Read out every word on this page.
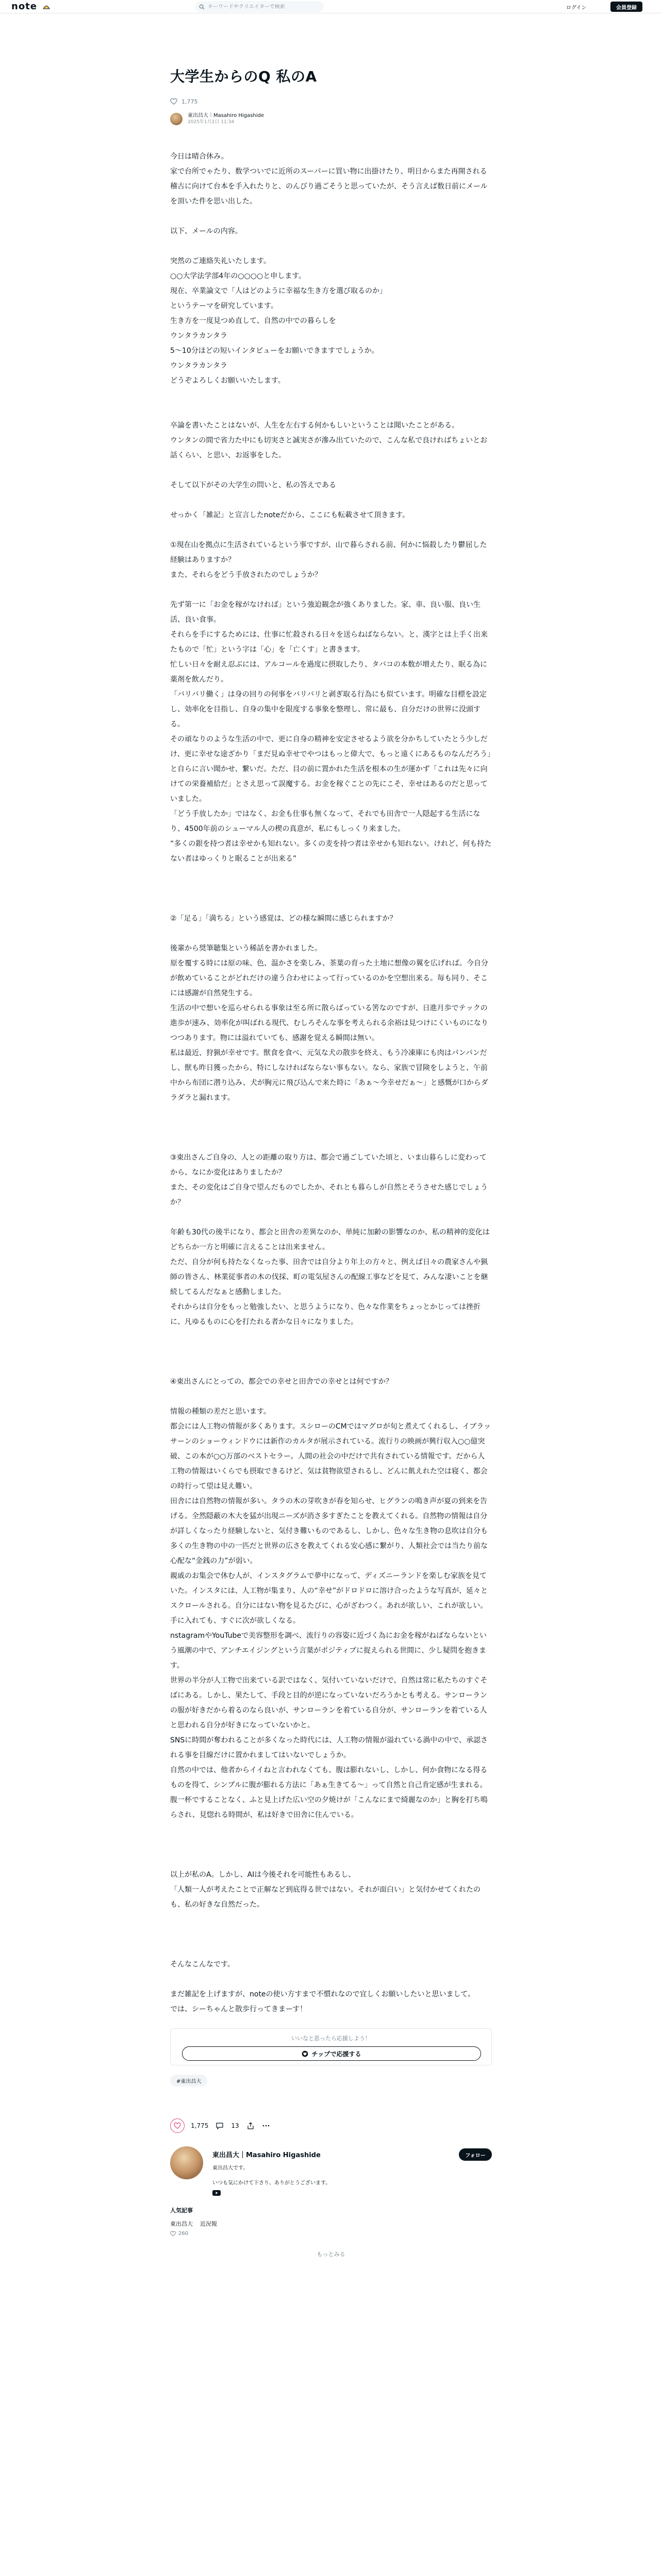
note
キーワードやクリエイターで検索	ログイン	会員登録
大学生からのQ 私のA
1,775
東出昌大｜Masahiro Higashide
2025年1月2日 11:34

今日は晴合休み。

家で台所でゃたり、数学ついでに近所のスーパーに買い物に出掛けたり、明日からまた再開される稽古に向けて台本を手入れたりと、のんびり過ごそうと思っていたが、そう言えば数日前にメールを頂いた件を思い出した。

以下、メールの内容。

突然のご連絡失礼いたします。

○○大学法学部4年の○○○○と申します。

現在、卒業論文で「人はどのように幸福な生き方を選び取るのか」

というテーマを研究しています。

生き方を一度見つめ直して、自然の中での暮らしを

ウンタラカンタラ

5〜10分ほどの短いインタビューをお願いできますでしょうか。

ウンタラカンタラ

どうぞよろしくお願いいたします。

卒論を書いたことはないが、人生を左右する何かもしいということは聞いたことがある。

ウンタンの間で省力た中にも切実さと誠実さが滲み出ていたので、こんな私で良ければちょいとお話くらい、と思い、お返事をした。

そして以下がその大学生の問いと、私の答えである

せっかく「雑記」と宣言したnoteだから、ここにも転載させて頂きます。

①現在山を拠点に生活されているという事ですが、山で暮らされる前、何かに悩殺したり鬱屈した経験はありますか？

また、それらをどう手放されたのでしょうか？

先ず第一に「お金を稼がなければ」という強迫観念が強くありました。家、車、良い服、良い生活、良い食事。

それらを手にするためには、仕事に忙殺される日々を送らねばならない。と、漢字とは上手く出来たもので「忙」という字は「心」を「亡くす」と書きます。

忙しい日々を耐え忍ぶには、アルコールを過度に摂取したり、タバコの本数が増えたり、眠る為に薬剤を飲んだり。

「バリバリ働く」は身の回りの何事をバリバリと剥ぎ取る行為にも似ています。明確な目標を設定し、効率化を目指し、自身の集中を限度する事象を整理し、常に最も、自分だけの世界に没頭する。

その頑なりのような生活の中で、更に自身の精神を安定させるよう欲を分かちしていたとう少しだけ、更に幸せな途ざかり「まだ見ぬ幸せでやつはもっと偉大で、もっと遠くにあるものなんだろう」と自らに言い聞かせ、繋いだ。ただ、目の前に置かれた生活を根本の生が運かず「これは先々に向けての栄養補給だ」とさえ思って誤魔する。お金を稼ぐことの先にこそ、幸せはあるのだと思っていました。

「どう手放したか」ではなく、お金も仕事も無くなって、それでも田舎で一人隠起する生活になり、4500年前のシューマル人の楔の真意が、私にもしっくり来ました。

“多くの銀を持つ者は幸せかも知れない。多くの麦を持つ者は幸せかも知れない。けれど、何も持たない者はゆっくりと眠ることが出来る”

②「足る」「満ちる」という感覚は、どの様な瞬間に感じられますか？

後輩から奨筆聴集という稀話を書かれました。

原を覆する時には原の味、色、温かさを楽しみ、茶葉の育った土地に想像の翼を広げれば。今自分が飲めていることがどれだけの違う合わせによって行っているのかを空想出来る。毎も同り、そこには感謝が自然発生する。

生活の中で想いを巡らせられる事象は至る所に散らばっている筈なのですが、日進月歩でテックの進歩が速み、効率化が叫ばれる現代、むしろそんな事を考えられる余裕は見つけにくいものになりつつあります。物には溢れていても、感謝を覚える瞬間は無い。

私は最近、狩猟が幸せです。獣食を食べ、元気な犬の散歩を終え、もう冷凍庫にも肉はパンパンだし、獣も昨日獲ったから、特にしなければならない事もない。なら、家族で冒険をしようと、午前中から布団に潜り込み、犬が胸元に飛び込んで来た時に「あぁ〜今幸せだぁ〜」と感慨が口からダラダラと漏れます。

③東出さんご自身の、人との距離の取り方は、都会で過ごしていた頃と、いま山暮らしに変わってから、なにか変化はありましたか？

また、その変化はご自身で望んだものでしたか、それとも暮らしが自然とそうさせた感じでしょうか？

年齢も30代の後半になり、都会と田舎の差異なのか、単純に加齢の影響なのか、私の精神的変化はどちらか一方と明確に言えることは出来ません。

ただ、自分が何も持たなくなった事、田舎では自分より年上の方々と、例えば日々の農家さんや猟師の皆さん、林業従事者の木の伐採、町の電気屋さんの配線工事などを見て、みんな凄いことを継続してるんだなぁと感動しました。

それからは自分をもっと勉強したい、と思うようになり、色々な作業をちょっとかじっては挫折に、凡ゆるものに心を打たれる者かな日々になりました。

④東出さんにとっての、都会での幸せと田舎での幸せとは何ですか？

情報の種類の差だと思います。

都会には人工物の情報が多くあります。スシローのCMではマグロが旬と煮えてくれるし、イブラッサーンのショーウィンドウには新作のカルタが展示されている。流行りの映画が興行収入○○億突破、この本が○○万部のベストセラー。人間の社会の中だけで共有されている情報です。だから人工物の情報はいくらでも摂取できるけど、気は貧物欲望されるし、どんに飢えれた空は寝く、都会の時行って望は見え難い。

田舎には自然物の情報が多い。タラの木の芽吹きが春を知らせ、ヒグランの鳴き声が夏の到来を告げる。全然隠蔽の木大を猛が出現ニーズが消さ多すぎたことを教えてくれる。自然物の情報は自分が詳しくなったり経験しないと、気付き難いものであるし、しかし、色々な生き物の息吹は自分も多くの生き物の中の一匹だと世界の広さを教えてくれる安心感に繋がり、人類社会では当たり前な心配な“金銭の力”が弱い。

親戚のお集会で休む人が、インスタグラムで夢中になって、ディズニーランドを楽しむ家族を見ていた。インスタには、人工物が集まり、人の“幸せ”がドロドロに溶け合ったような写真が、延々とスクロールされる。自分にはない物を見るたびに、心がざわつく。あれが欲しい、これが欲しい。手に入れても、すぐに次が欲しくなる。

nstagramやYouTubeで美容整形を調べ、流行りの容姿に近づく為にお金を稼がねばならないという風潮の中で、アンチエイジングという言葉がポジティブに捉えられる世間に、少し疑問を抱きます。

世界の半分が人工物で出来ている訳ではなく、気付いていないだけで、自然は常に私たちのすぐそばにある。しかし、果たして、手段と目的が逆になっていないだろうかとも考える。サンローランの服が好きだから着るのなら良いが、サンローランを着ている自分が、サンローランを着ている人と思われる自分が好きになっていないかと。

SNSに時間が奪われることが多くなった時代には、人工物の情報が溢れている渦中の中で、承認される事を目線だけに置かれましてはいないでしょうか。

自然の中では、他者からイイねと言われなくても、腹は膨れないし、しかし、何か食物になる得るものを得て、シンプルに腹が膨れる方法に「あぁ生きてる〜」って自然と自己肯定感が生まれる。腹一杯ですることなく、ふと見上げた広い空の夕焼けが「こんなにまで綺麗なのか」と胸を打ち鳴らされ、見惚れる時間が、私は好きで田舎に住んでいる。

以上が私のA。しかし、AIは今後それを可能性もあるし、

「人類一人が考えたことで正解など到底得る世ではない。それが面白い」と気付かせてくれたのも、私の好きな自然だった。

そんなこんなです。

まだ雑記を上げますが、noteの使い方すまで不慣れなので宜しくお願いしたいと思いまして。

では、シーちゃんと散歩行ってきまーす！

いいなと思ったら応援しよう！
チップで応援する
#東出昌大
1,775	13
東出昌大｜Masahiro Higashide
東出昌大です。
いつも気にかけて下さり、ありがとうございます。
フォロー
人気記事
東出昌大 近況報
260
もっとみる
